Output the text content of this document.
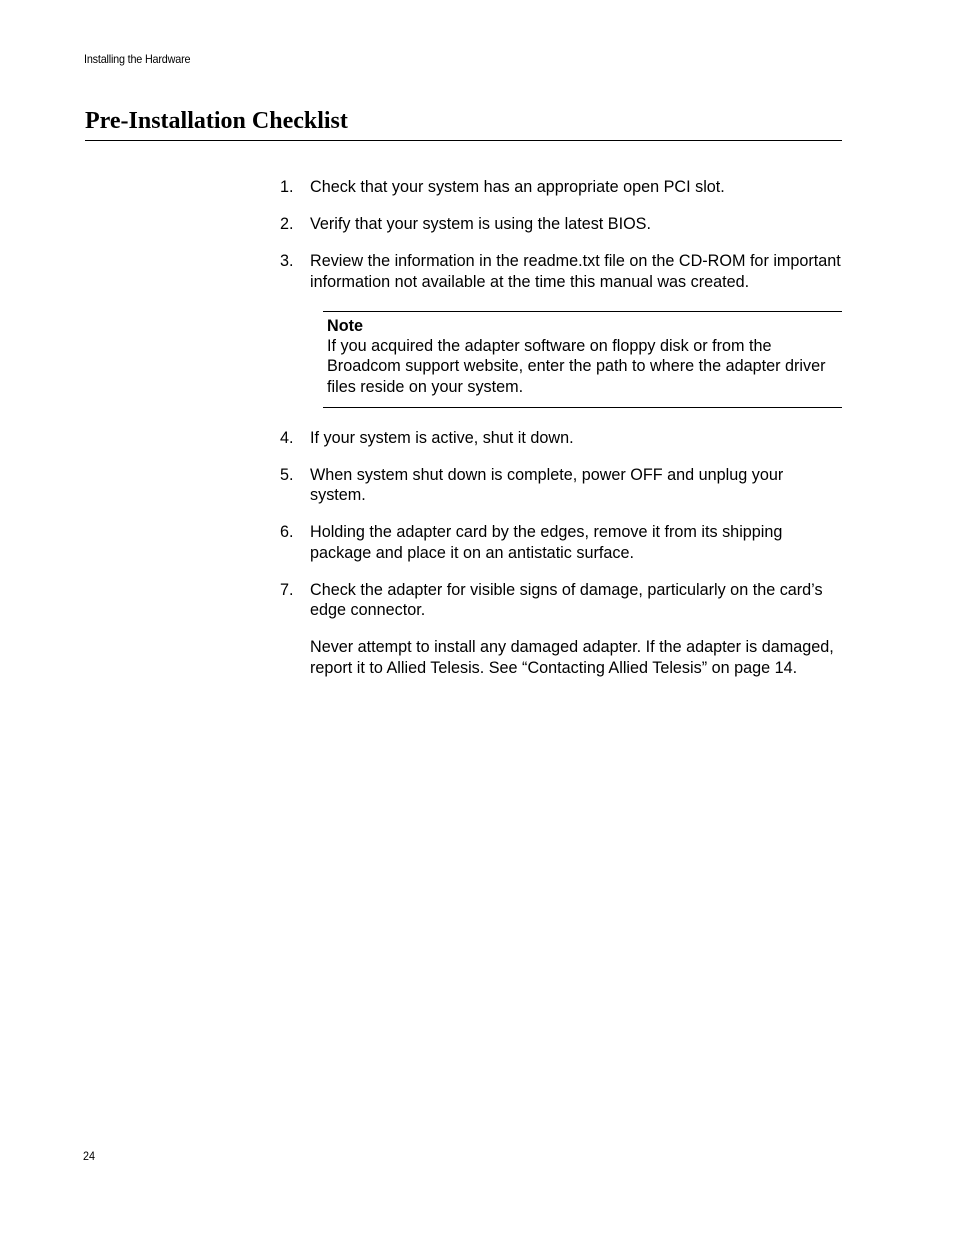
Installing the Hardware
Pre-Installation Checklist
1.	Check that your system has an appropriate open PCI slot.
2.	Verify that your system is using the latest BIOS.
3.	Review the information in the readme.txt file on the CD-ROM for important information not available at the time this manual was created.
Note
If you acquired the adapter software on floppy disk or from the Broadcom support website, enter the path to where the adapter driver files reside on your system.
4.	If your system is active, shut it down.
5.	When system shut down is complete, power OFF and unplug your system.
6.	Holding the adapter card by the edges, remove it from its shipping package and place it on an antistatic surface.
7.	Check the adapter for visible signs of damage, particularly on the card’s edge connector.
Never attempt to install any damaged adapter. If the adapter is damaged, report it to Allied Telesis. See “Contacting Allied Telesis” on page 14.
24
